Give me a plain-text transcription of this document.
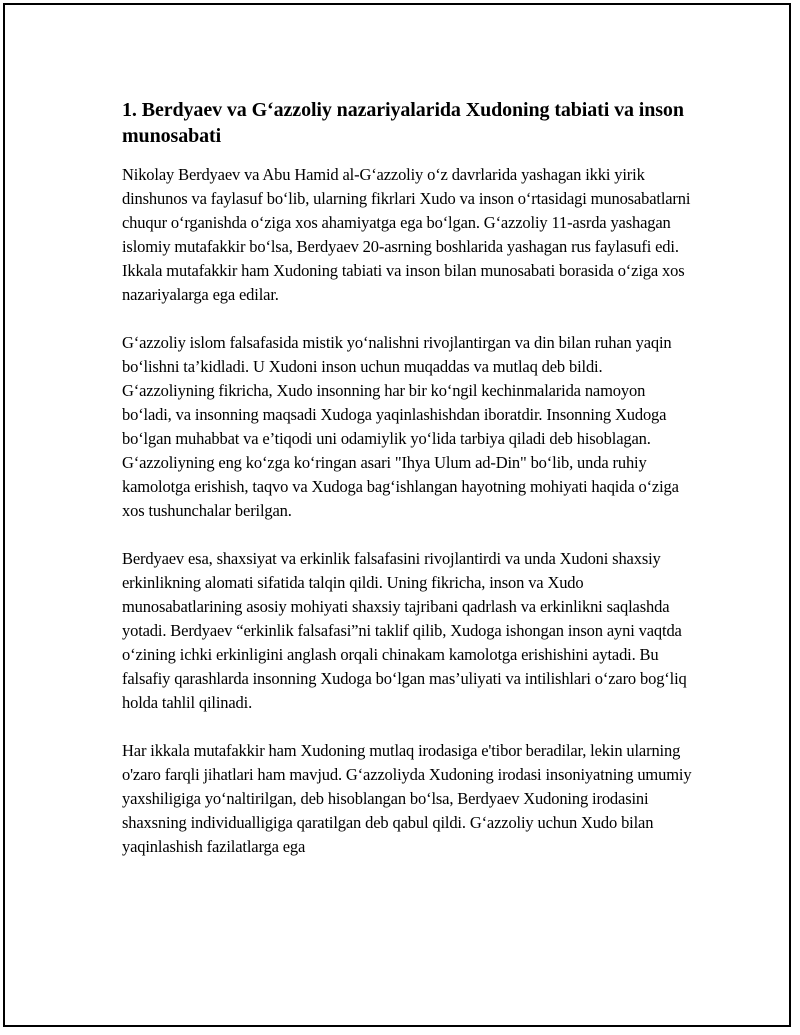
1. Berdyaev va G‘azzoliy nazariyalarida Xudoning tabiati va inson munosabati

Nikolay Berdyaev va Abu Hamid al-G‘azzoliy o‘z davrlarida yashagan ikki yirik dinshunos va faylasuf bo‘lib, ularning fikrlari Xudo va inson o‘rtasidagi munosabatlarni chuqur o‘rganishda o‘ziga xos ahamiyatga ega bo‘lgan. G‘azzoliy 11-asrda yashagan islomiy mutafakkir bo‘lsa, Berdyaev 20-asrning boshlarida yashagan rus faylasufi edi. Ikkala mutafakkir ham Xudoning tabiati va inson bilan munosabati borasida o‘ziga xos nazariyalarga ega edilar.

G‘azzoliy islom falsafasida mistik yo‘nalishni rivojlantirgan va din bilan ruhan yaqin bo‘lishni ta’kidladi. U Xudoni inson uchun muqaddas va mutlaq deb bildi. G‘azzoliyning fikricha, Xudo insonning har bir ko‘ngil kechinmalarida namoyon bo‘ladi, va insonning maqsadi Xudoga yaqinlashishdan iboratdir. Insonning Xudoga bo‘lgan muhabbat va e’tiqodi uni odamiylik yo‘lida tarbiya qiladi deb hisoblagan. G‘azzoliyning eng ko‘zga ko‘ringan asari "Ihya Ulum ad-Din" bo‘lib, unda ruhiy kamolotga erishish, taqvo va Xudoga bag‘ishlangan hayotning mohiyati haqida o‘ziga xos tushunchalar berilgan.

Berdyaev esa, shaxsiyat va erkinlik falsafasini rivojlantirdi va unda Xudoni shaxsiy erkinlikning alomati sifatida talqin qildi. Uning fikricha, inson va Xudo munosabatlarining asosiy mohiyati shaxsiy tajribani qadrlash va erkinlikni saqlashda yotadi. Berdyaev “erkinlik falsafasi”ni taklif qilib, Xudoga ishongan inson ayni vaqtda o‘zining ichki erkinligini anglash orqali chinakam kamolotga erishishini aytadi. Bu falsafiy qarashlarda insonning Xudoga bo‘lgan mas’uliyati va intilishlari o‘zaro bog‘liq holda tahlil qilinadi.

Har ikkala mutafakkir ham Xudoning mutlaq irodasiga e'tibor beradilar, lekin ularning o'zaro farqli jihatlari ham mavjud. G‘azzoliyda Xudoning irodasi insoniyatning umumiy yaxshiligiga yo‘naltirilgan, deb hisoblangan bo‘lsa, Berdyaev Xudoning irodasini shaxsning individualligiga qaratilgan deb qabul qildi. G‘azzoliy uchun Xudo bilan yaqinlashish fazilatlarga ega
